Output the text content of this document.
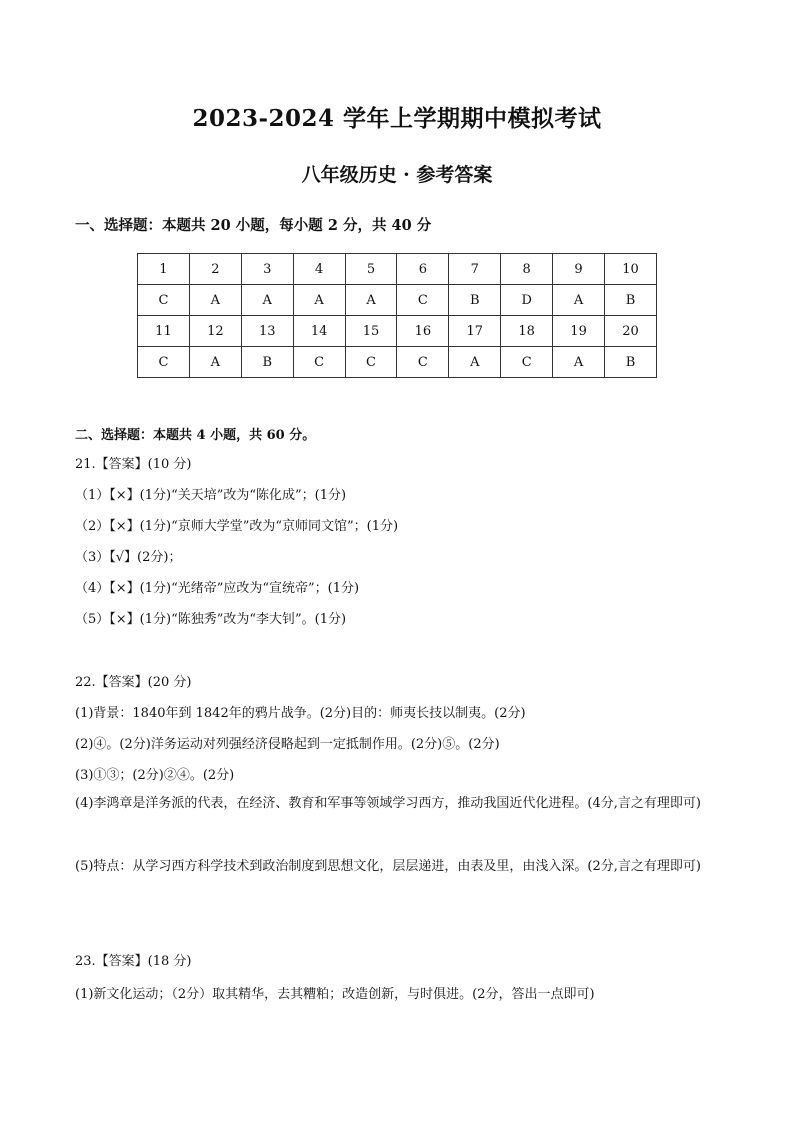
2023-2024 学年上学期期中模拟考试
八年级历史 · 参考答案
一、选择题：本题共 20 小题，每小题 2 分，共 40 分
1	2	3	4	5	6	7	8	9	10
C	A	A	A	A	C	B	D	A	B
11	12	13	14	15	16	17	18	19	20
C	A	B	C	C	C	A	C	A	B
二、选择题：本题共 4 小题，共 60 分。
21.【答案】(10 分)
（1）【×】(1分)“关天培”改为“陈化成”；(1分)
（2）【×】(1分)“京师大学堂”改为“京师同文馆”；(1分)
（3）【√】(2分)；
（4）【×】(1分)“光绪帝”应改为“宣统帝”；(1分)
（5）【×】(1分)“陈独秀”改为“李大钊”。(1分)
22.【答案】(20 分)
(1)背景：1840年到 1842年的鸦片战争。(2分)目的：师夷长技以制夷。(2分)
(2)④。(2分)洋务运动对列强经济侵略起到一定抵制作用。(2分)⑤。(2分)
(3)①③；(2分)②④。(2分)
(4)李鸿章是洋务派的代表，在经济、教育和军事等领域学习西方，推动我国近代化进程。(4分,言之有理即可)
(5)特点：从学习西方科学技术到政治制度到思想文化，层层递进，由表及里，由浅入深。(2分,言之有理即可)
23.【答案】(18 分)
(1)新文化运动；（2分）取其精华，去其糟粕；改造创新，与时俱进。(2分，答出一点即可)
